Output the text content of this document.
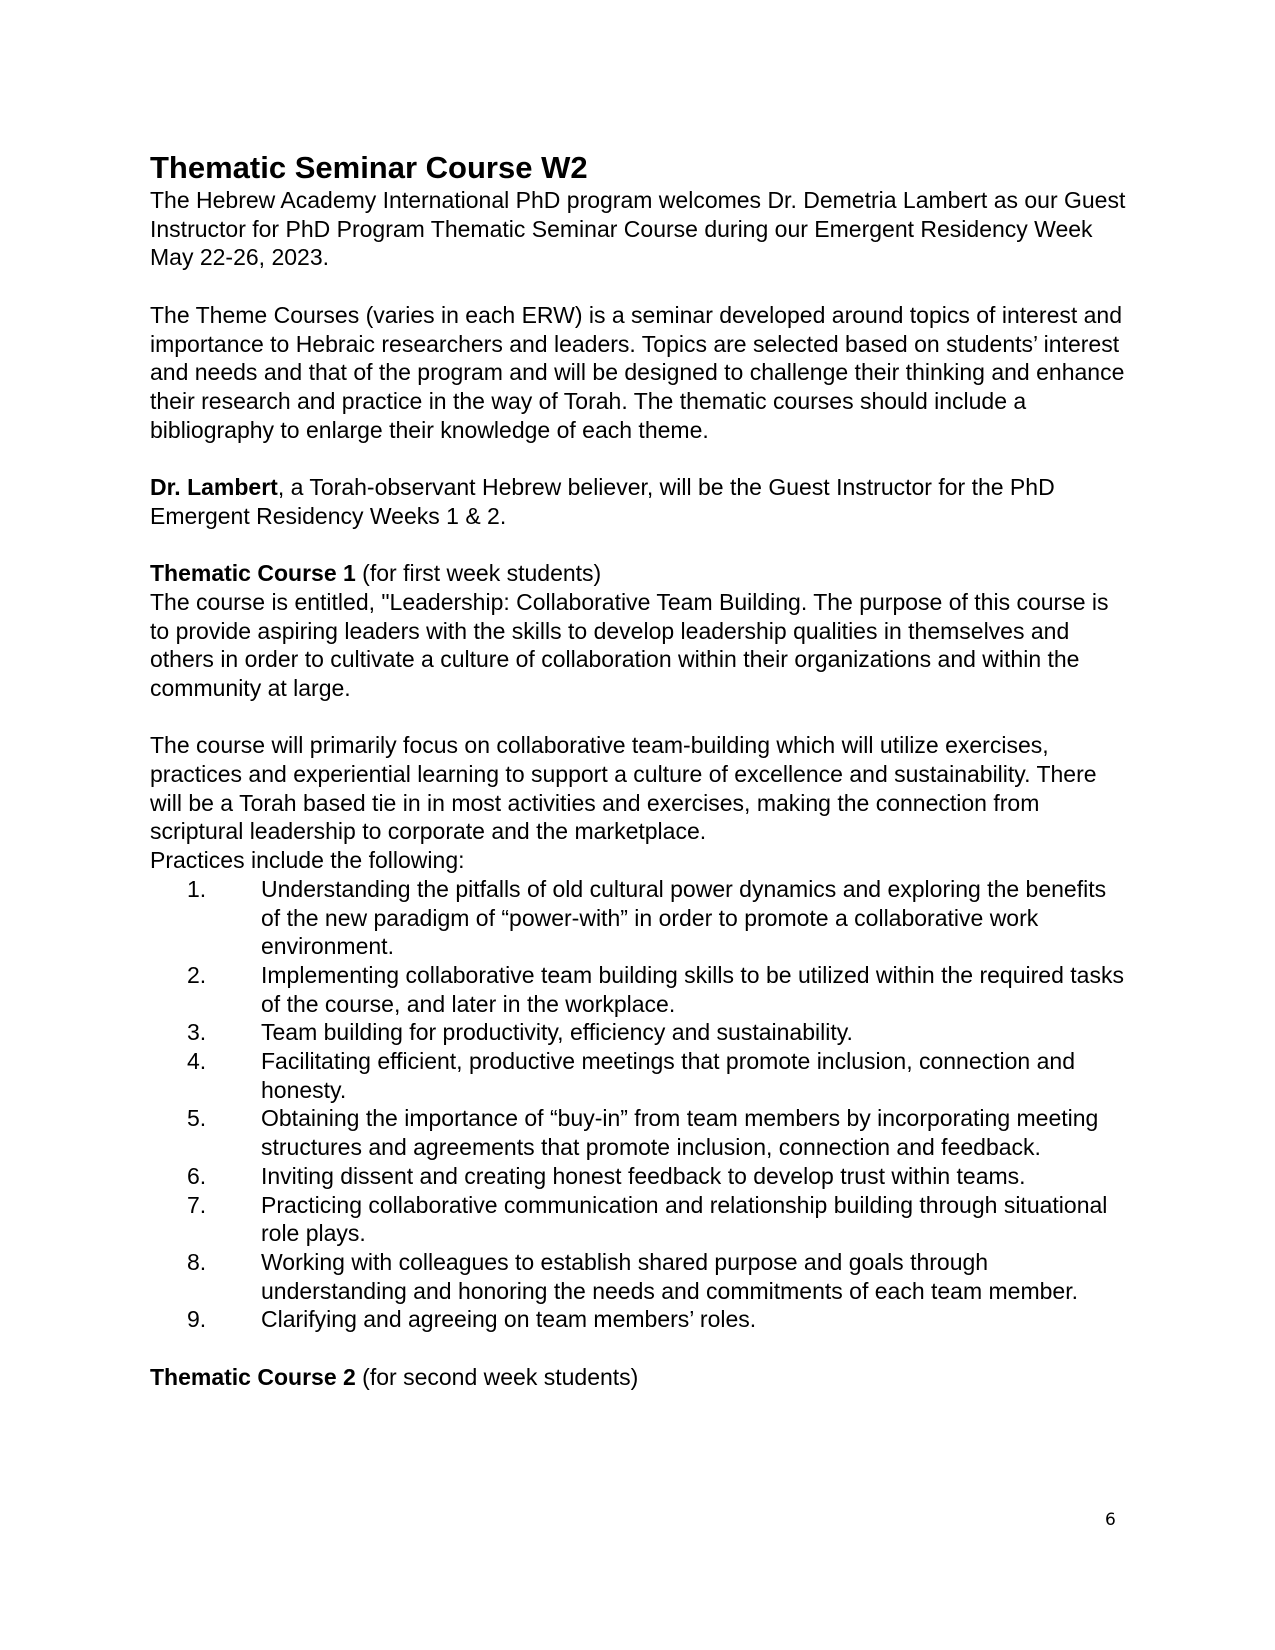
Thematic Seminar Course W2

The Hebrew Academy International PhD program welcomes Dr. Demetria Lambert as our Guest Instructor for PhD Program Thematic Seminar Course during our Emergent Residency Week May 22-26, 2023.

The Theme Courses (varies in each ERW) is a seminar developed around topics of interest and importance to Hebraic researchers and leaders. Topics are selected based on students’ interest and needs and that of the program and will be designed to challenge their thinking and enhance their research and practice in the way of Torah. The thematic courses should include a bibliography to enlarge their knowledge of each theme.

Dr. Lambert, a Torah-observant Hebrew believer, will be the Guest Instructor for the PhD Emergent Residency Weeks 1 & 2.

Thematic Course 1 (for first week students)

The course is entitled, "Leadership: Collaborative Team Building. The purpose of this course is to provide aspiring leaders with the skills to develop leadership qualities in themselves and others in order to cultivate a culture of collaboration within their organizations and within the community at large.

The course will primarily focus on collaborative team-building which will utilize exercises, practices and experiential learning to support a culture of excellence and sustainability. There will be a Torah based tie in in most activities and exercises, making the connection from scriptural leadership to corporate and the marketplace.

Practices include the following:

1. Understanding the pitfalls of old cultural power dynamics and exploring the benefits of the new paradigm of “power-with” in order to promote a collaborative work environment.
2. Implementing collaborative team building skills to be utilized within the required tasks of the course, and later in the workplace.
3. Team building for productivity, efficiency and sustainability.
4. Facilitating efficient, productive meetings that promote inclusion, connection and honesty.
5. Obtaining the importance of “buy-in” from team members by incorporating meeting structures and agreements that promote inclusion, connection and feedback.
6. Inviting dissent and creating honest feedback to develop trust within teams.
7. Practicing collaborative communication and relationship building through situational role plays.
8. Working with colleagues to establish shared purpose and goals through understanding and honoring the needs and commitments of each team member.
9. Clarifying and agreeing on team members’ roles.

Thematic Course 2 (for second week students)

6
